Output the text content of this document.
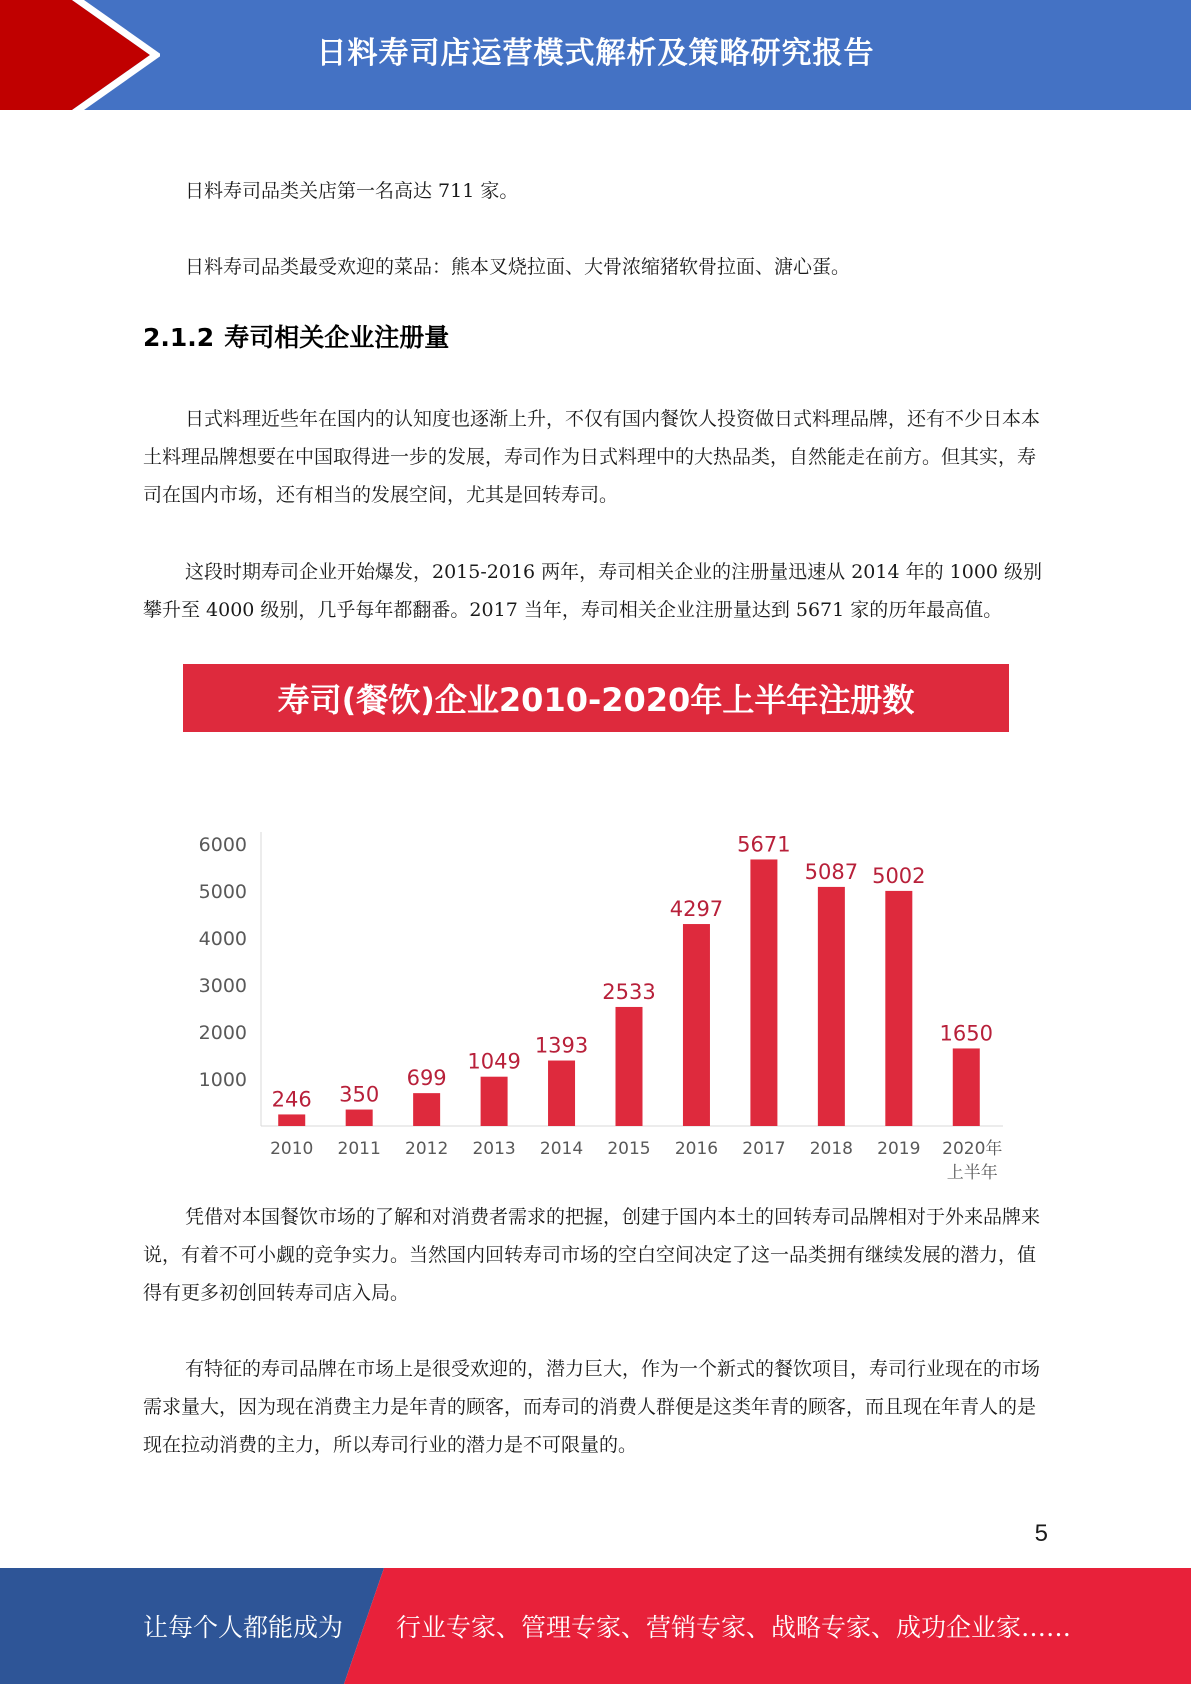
日料寿司店运营模式解析及策略研究报告

日料寿司品类关店第一名高达 711 家。

日料寿司品类最受欢迎的菜品：熊本叉烧拉面、大骨浓缩猪软骨拉面、溏心蛋。

2.1.2 寿司相关企业注册量

日式料理近些年在国内的认知度也逐渐上升，不仅有国内餐饮人投资做日式料理品牌，还有不少日本本土料理品牌想要在中国取得进一步的发展，寿司作为日式料理中的大热品类，自然能走在前方。但其实，寿司在国内市场，还有相当的发展空间，尤其是回转寿司。

这段时期寿司企业开始爆发，2015-2016 两年，寿司相关企业的注册量迅速从 2014 年的 1000 级别攀升至 4000 级别，几乎每年都翻番。2017 当年，寿司相关企业注册量达到 5671 家的历年最高值。

寿司(餐饮)企业2010-2020年上半年注册数
1000
2000
3000
4000
5000
6000
246
2010
350
2011
699
2012
1049
2013
1393
2014
2533
2015
4297
2016
5671
2017
5087
2018
5002
2019
1650
2020年
上半年

凭借对本国餐饮市场的了解和对消费者需求的把握，创建于国内本土的回转寿司品牌相对于外来品牌来说，有着不可小觑的竞争实力。当然国内回转寿司市场的空白空间决定了这一品类拥有继续发展的潜力，值得有更多初创回转寿司店入局。

有特征的寿司品牌在市场上是很受欢迎的，潜力巨大，作为一个新式的餐饮项目，寿司行业现在的市场需求量大，因为现在消费主力是年青的顾客，而寿司的消费人群便是这类年青的顾客，而且现在年青人的是现在拉动消费的主力，所以寿司行业的潜力是不可限量的。

5
让每个人都能成为 行业专家、管理专家、营销专家、战略专家、成功企业家……
